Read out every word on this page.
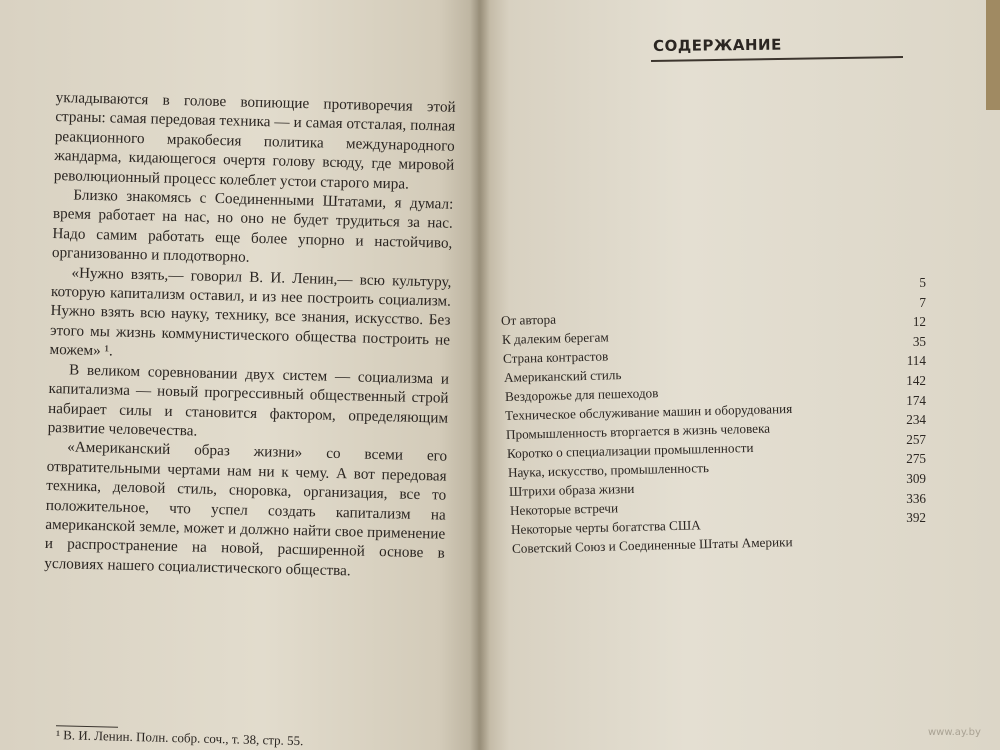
укладываются в голове вопиющие противоречия этой страны: самая передовая техника — и самая отсталая, полная реакционного мракобесия политика международного жандарма, кидающегося очертя голову всюду, где мировой революционный процесс колеблет устои старого мира.

Близко знакомясь с Соединенными Штатами, я думал: время работает на нас, но оно не будет трудиться за нас. Надо самим работать еще более упорно и настойчиво, организованно и плодотворно.

«Нужно взять,— говорил В. И. Ленин,— всю культуру, которую капитализм оставил, и из нее построить социализм. Нужно взять всю науку, технику, все знания, искусство. Без этого мы жизнь коммунистического общества построить не можем» ¹.

В великом соревновании двух систем — социализма и капитализма — новый прогрессивный общественный строй набирает силы и становится фактором, определяющим развитие человечества.

«Американский образ жизни» со всеми его отвратительными чертами нам ни к чему. А вот передовая техника, деловой стиль, сноровка, организация, все то положительное, что успел создать капитализм на американской земле, может и должно найти свое применение и распространение на новой, расширенной основе в условиях нашего социалистического общества.

¹ В. И. Ленин. Полн. собр. соч., т. 38, стр. 55.
СОДЕРЖАНИЕ
5
От автора
7
К далеким берегам
12
Страна контрастов
35
Американский стиль
114
Вездорожье для пешеходов
142
Техническое обслуживание машин и оборудования
174
Промышленность вторгается в жизнь человека
234
Коротко о специализации промышленности
257
Наука, искусство, промышленность
275
Штрихи образа жизни
309
Некоторые встречи
336
Некоторые черты богатства США	392
Советский Союз и Соединенные Штаты Америки
www.ay.by
